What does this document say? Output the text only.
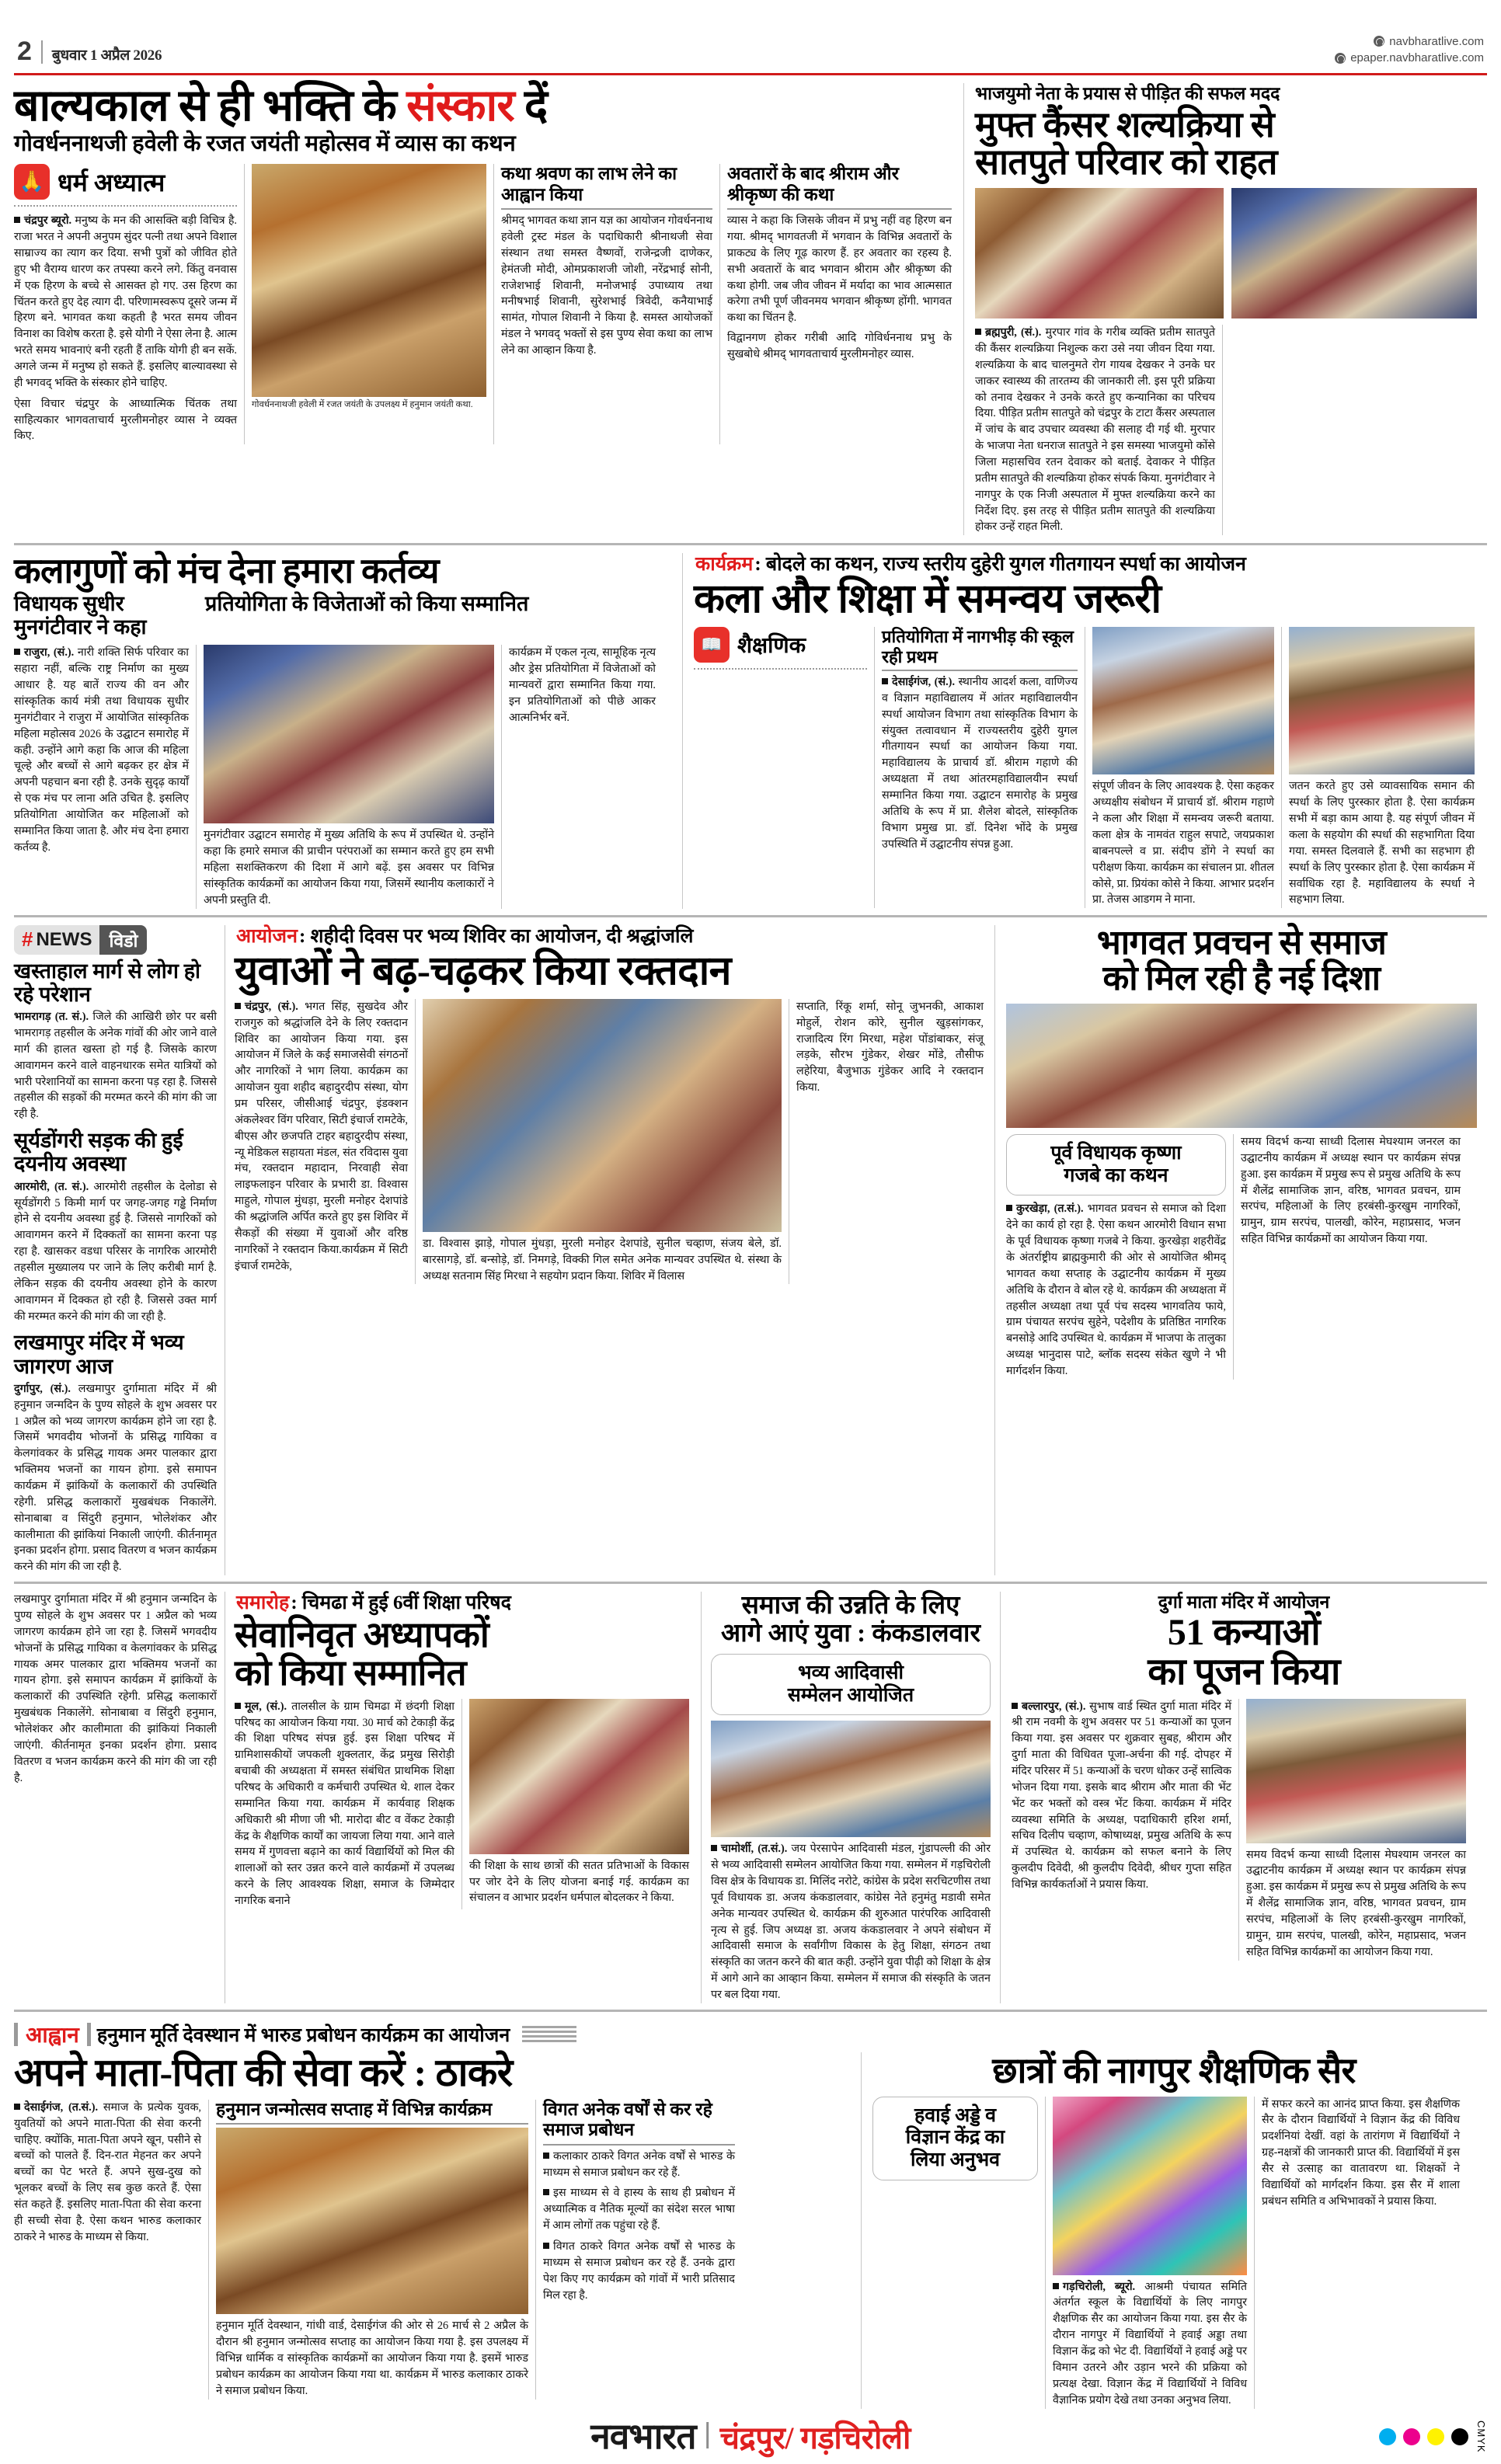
2 बुधवार 1 अप्रैल 2026
नवभारत चंद्रपुर/ गड़चिरोली
navbharatlive.com
epaper.navbharatlive.com
बाल्यकाल से ही भक्ति के संस्कार दें
गोवर्धननाथजी हवेली के रजत जयंती महोत्सव में व्यास का कथन
🙏 धर्म अध्यात्म
चंद्रपुर ब्यूरो. मनुष्य के मन की आसक्ति बड़ी विचित्र है. राजा भरत ने अपनी अनुपम सुंदर पत्नी तथा अपने विशाल साम्राज्य का त्याग कर दिया. सभी पुत्रों को जीवित होते हुए भी वैराग्य धारण कर तपस्या करने लगे. किंतु वनवास में एक हिरण के बच्चे से आसक्त हो गए. उस हिरण का चिंतन करते हुए देह त्याग दी. परिणामस्वरूप दूसरे जन्म में हिरण बने. भागवत कथा कहती है भरत समय जीवन विनाश का विशेष करता है. इसे योगी ने ऐसा लेना है. आत्म भरते समय भावनाएं बनी रहती हैं ताकि योगी ही बन सकें. अगले जन्म में मनुष्य हो सकते हैं. इसलिए बाल्यावस्था से ही भगवद् भक्ति के संस्कार होने चाहिए.
ऐसा विचार चंद्रपुर के आध्यात्मिक चिंतक तथा साहित्यकार भागवताचार्य मुरलीमनोहर व्यास ने व्यक्त किए.
गोवर्धननाथजी हवेली में रजत जयंती के उपलक्ष्य में हनुमान जयंती कथा.
कथा श्रवण का लाभ लेने का आह्वान किया
श्रीमद् भागवत कथा ज्ञान यज्ञ का आयोजन गोवर्धननाथ हवेली ट्रस्ट मंडल के पदाधिकारी श्रीनाथजी सेवा संस्थान तथा समस्त वैष्णवों, राजेन्द्रजी दाणेकर, हेमंतजी मोदी, ओमप्रकाशजी जोशी, नरेंद्रभाई सोनी, राजेशभाई शिवानी, मनोजभाई उपाध्याय तथा मनीषभाई शिवानी, सुरेशभाई त्रिवेदी, कनैयाभाई सामंत, गोपाल शिवानी ने किया है. समस्त आयोजकों मंडल ने भगवद् भक्तों से इस पुण्य सेवा कथा का लाभ लेने का आव्हान किया है.
अवतारों के बाद श्रीराम और श्रीकृष्ण की कथा
व्यास ने कहा कि जिसके जीवन में प्रभु नहीं वह हिरण बन गया. श्रीमद् भागवतजी में भगवान के विभिन्न अवतारों के प्राकट्य के लिए गूढ़ कारण हैं. हर अवतार का रहस्य है. सभी अवतारों के बाद भगवान श्रीराम और श्रीकृष्ण की कथा होगी. जब जीव जीवन में मर्यादा का भाव आत्मसात करेगा तभी पूर्ण जीवनमय भगवान श्रीकृष्ण होंगी. भागवत कथा का चिंतन है.
विद्वानगण होकर गरीबी आदि गोविर्धननाथ प्रभु के सुखबोधे श्रीमद् भागवताचार्य मुरलीमनोहर व्यास.
भाजयुमो नेता के प्रयास से पीड़ित की सफल मदद
मुफ्त कैंसर शल्यक्रिया से
सातपुते परिवार को राहत
ब्रह्मपुरी, (सं.). मुरपार गांव के गरीब व्यक्ति प्रतीम सातपुते की कैंसर शल्यक्रिया निशुल्क करा उसे नया जीवन दिया गया. शल्यक्रिया के बाद चालनुमते रोग गायब देखकर ने उनके घर जाकर स्वास्थ्य की तारतम्य की जानकारी ली. इस पूरी प्रक्रिया को तनाव देखकर ने उनके करते हुए कन्यानिका का परिचय दिया. पीड़ित प्रतीम सातपुते को चंद्रपुर के टाटा कैंसर अस्पताल में जांच के बाद उपचार व्यवस्था की सलाह दी गई थी. मुरपार के भाजपा नेता धनराज सातपुते ने इस समस्या भाजयुमो कोंसे जिला महासचिव रतन देवाकर को बताई. देवाकर ने पीड़ित प्रतीम सातपुते की शल्यक्रिया होकर संपर्क किया. मुनगंटीवार ने नागपुर के एक निजी अस्पताल में मुफ्त शल्यक्रिया करने का निर्देश दिए. इस तरह से पीड़ित प्रतीम सातपुते की शल्यक्रिया होकर उन्हें राहत मिली.
कलागुणों को मंच देना हमारा कर्तव्य
विधायक सुधीर मुनगंटीवार ने कहा
प्रतियोगिता के विजेताओं को किया सम्मानित
राजुरा, (सं.). नारी शक्ति सिर्फ परिवार का सहारा नहीं, बल्कि राष्ट्र निर्माण का मुख्य आधार है. यह बातें राज्य की वन और सांस्कृतिक कार्य मंत्री तथा विधायक सुधीर मुनगंटीवार ने राजुरा में आयोजित सांस्कृतिक महिला महोत्सव 2026 के उद्घाटन समारोह में कही. उन्होंने आगे कहा कि आज की महिला चूल्हे और बच्चों से आगे बढ़कर हर क्षेत्र में अपनी पहचान बना रही है. उनके सुदृढ़ कार्यों से एक मंच पर लाना अति उचित है. इसलिए प्रतियोगिता आयोजित कर महिलाओं को सम्मानित किया जाता है. और मंच देना हमारा कर्तव्य है.
मुनगंटीवार उद्घाटन समारोह में मुख्य अतिथि के रूप में उपस्थित थे. उन्होंने कहा कि हमारे समाज की प्राचीन परंपराओं का सम्मान करते हुए हम सभी महिला सशक्तिकरण की दिशा में आगे बढ़ें. इस अवसर पर विभिन्न सांस्कृतिक कार्यक्रमों का आयोजन किया गया, जिसमें स्थानीय कलाकारों ने अपनी प्रस्तुति दी.
कार्यक्रम में एकल नृत्य, सामूहिक नृत्य और ड्रेस प्रतियोगिता में विजेताओं को मान्यवरों द्वारा सम्मानित किया गया. इन प्रतियोगिताओं को पीछे आकर आत्मनिर्भर बनें.
कार्यक्रम: बोदले का कथन, राज्य स्तरीय दुहेरी युगल गीतगायन स्पर्धा का आयोजन
कला और शिक्षा में समन्वय जरूरी
📖 शैक्षणिक	प्रतियोगिता में नागभीड़ की स्कूल रही प्रथम
देसाईगंज, (सं.). स्थानीय आदर्श कला, वाणिज्य व विज्ञान महाविद्यालय में आंतर महाविद्यालयीन स्पर्धा आयोजन विभाग तथा सांस्कृतिक विभाग के संयुक्त तत्वावधान में राज्यस्तरीय दुहेरी युगल गीतगायन स्पर्धा का आयोजन किया गया. महाविद्यालय के प्राचार्य डॉ. श्रीराम गहाणे की अध्यक्षता में तथा आंतरमहाविद्यालयीन स्पर्धा सम्मानित किया गया. उद्घाटन समारोह के प्रमुख अतिथि के रूप में प्रा. शैलेश बोदले, सांस्कृतिक विभाग प्रमुख प्रा. डॉ. दिनेश भोंदे के प्रमुख उपस्थिति में उद्घाटनीय संपन्न हुआ.
संपूर्ण जीवन के लिए आवश्यक है. ऐसा कहकर अध्यक्षीय संबोधन में प्राचार्य डॉ. श्रीराम गहाणे ने कला और शिक्षा में समन्वय जरूरी बताया. कला क्षेत्र के नामवंत राहुल सपाटे, जयप्रकाश बाबनपल्ले व प्रा. संदीप डोंगे ने स्पर्धा का परीक्षण किया. कार्यक्रम का संचालन प्रा. शीतल कोसे, प्रा. प्रियंका कोसे ने किया. आभार प्रदर्शन प्रा. तेजस आडगम ने माना.
जतन करते हुए उसे व्यावसायिक समान की स्पर्धा के लिए पुरस्कार होता है. ऐसा कार्यक्रम सभी में बड़ा काम आया है. यह संपूर्ण जीवन में कला के सहयोग की स्पर्धा की सहभागिता दिया गया. समस्त दिलवाले हैं. सभी का सहभाग ही स्पर्धा के लिए पुरस्कार होता है. ऐसा कार्यक्रम में सर्वाधिक रहा है. महाविद्यालय के स्पर्धा ने सहभाग लिया.
# NEWS विडो
खस्ताहाल मार्ग से लोग हो रहे परेशान
भामरागड़ (त. सं.). जिले की आखिरी छोर पर बसी भामरागड़ तहसील के अनेक गांवों की ओर जाने वाले मार्ग की हालत खस्ता हो गई है. जिसके कारण आवागमन करने वाले वाहनधारक समेत यात्रियों को भारी परेशानियों का सामना करना पड़ रहा है. जिससे तहसील की सड़कों की मरम्मत करने की मांग की जा रही है.
सूर्यडोंगरी सड़क की हुई दयनीय अवस्था
आरमोरी, (त. सं.). आरमोरी तहसील के देलोडा से सूर्यडोंगरी 5 किमी मार्ग पर जगह-जगह गड्ढे निर्माण होने से दयनीय अवस्था हुई है. जिससे नागरिकों को आवागमन करने में दिक्कतों का सामना करना पड़ रहा है. खासकर वडधा परिसर के नागरिक आरमोरी तहसील मुख्यालय पर जाने के लिए करीबी मार्ग है. लेकिन सड़क की दयनीय अवस्था होने के कारण आवागमन में दिक्कत हो रही है. जिससे उक्त मार्ग की मरम्मत करने की मांग की जा रही है.
लखमापुर मंदिर में भव्य जागरण आज
दुर्गापुर, (सं.). लखमापुर दुर्गामाता मंदिर में श्री हनुमान जन्मदिन के पुण्य सोहले के शुभ अवसर पर 1 अप्रैल को भव्य जागरण कार्यक्रम होने जा रहा है. जिसमें भगवदीय भोजनों के प्रसिद्ध गायिका व केलगांवकर के प्रसिद्ध गायक अमर पालकार द्वारा भक्तिमय भजनों का गायन होगा. इसे समापन कार्यक्रम में झांकियों के कलाकारों की उपस्थिति रहेगी. प्रसिद्ध कलाकारों मुखबंधक निकालेंगे. सोनाबाबा व सिंदुरी हनुमान, भोलेशंकर और कालीमाता की झांकियां निकाली जाएंगी. कीर्तनामृत इनका प्रदर्शन होगा. प्रसाद वितरण व भजन कार्यक्रम करने की मांग की जा रही है.
आयोजन: शहीदी दिवस पर भव्य शिविर का आयोजन, दी श्रद्धांजलि
युवाओं ने बढ़-चढ़कर किया रक्तदान
चंद्रपुर, (सं.). भगत सिंह, सुखदेव और राजगुरु को श्रद्धांजलि देने के लिए रक्तदान शिविर का आयोजन किया गया. इस आयोजन में जिले के कई समाजसेवी संगठनों और नागरिकों ने भाग लिया. कार्यक्रम का आयोजन युवा शहीद बहादुरदीप संस्था, योग प्रम परिसर, जीसीआई चंद्रपुर, इंडक्शन अंकलेश्वर विंग परिवार, सिटी इंचार्ज रामटेके, बीएस और छजपति टाहर बहादुरदीप संस्था, न्यू मेडिकल सहायता मंडल, संत रविदास युवा मंच, रक्तदान महादान, निरवाही सेवा लाइफलाइन परिवार के प्रभारी डा. विश्वास माहुले, गोपाल मुंधड़ा, मुरली मनोहर देशपांडे की श्रद्धांजलि अर्पित करते हुए इस शिविर में सैकड़ों की संख्या में युवाओं और वरिष्ठ नागरिकों ने रक्तदान किया.कार्यक्रम में सिटी इंचार्ज रामटेके,
डा. विश्वास झाड़े, गोपाल मुंधड़ा, मुरली मनोहर देशपांडे, सुनील चव्हाण, संजय बेले, डॉ. बारसागड़े, डॉ. बन्सोड़े, डॉ. निमगड़े, विक्की गिल समेत अनेक मान्यवर उपस्थित थे. संस्था के अध्यक्ष सतनाम सिंह मिरधा ने सहयोग प्रदान किया. शिविर में विलास
सप्ताति, रिंकू शर्मा, सोनू जुभनकी, आकाश मोहुर्ले, रोशन कोरे, सुनील खुड़सांगकर, राजादित्य रिंग मिरधा, महेश पोंडांबाकर, संजू लड़के, सौरभ गुंडेकर, शेखर मोंडे, तौसीफ लहेरिया, बैजुभाऊ गुंडेकर आदि ने रक्तदान किया.
भागवत प्रवचन से समाज
को मिल रही है नई दिशा
पूर्व विधायक कृष्णा
गजबे का कथन
कुरखेड़ा, (त.सं.). भागवत प्रवचन से समाज को दिशा देने का कार्य हो रहा है. ऐसा कथन आरमोरी विधान सभा के पूर्व विधायक कृष्णा गजबे ने किया. कुरखेड़ा शहरीवेंद्र के अंतर्राष्ट्रीय ब्राह्मकुमारी की ओर से आयोजित श्रीमद् भागवत कथा सप्ताह के उद्घाटनीय कार्यक्रम में मुख्य अतिथि के दौरान वे बोल रहे थे. कार्यक्रम की अध्यक्षता में तहसील अध्यक्षा तथा पूर्व पंच सदस्य भागवतिय फाये, ग्राम पंचायत सरपंच सुहेने, पदेशीय के प्रतिष्ठित नागरिक बनसोड़े आदि उपस्थित थे. कार्यक्रम में भाजपा के तालुका अध्यक्ष भानुदास पाटे, ब्लॉक सदस्य संकेत खुणे ने भी मार्गदर्शन किया.
समय विदर्भ कन्या साध्वी दिलास मेघश्याम जनरल का उद्घाटनीय कार्यक्रम में अध्यक्ष स्थान पर कार्यक्रम संपन्न हुआ. इस कार्यक्रम में प्रमुख रूप से प्रमुख अतिथि के रूप में शैलेंद्र सामाजिक ज्ञान, वरिष्ठ, भागवत प्रवचन, ग्राम सरपंच, महिलाओं के लिए हरबंसी-कुरखुम नागरिकों, ग्रामुन, ग्राम सरपंच, पालखी, कोरेन, महाप्रसाद, भजन सहित विभिन्न कार्यक्रमों का आयोजन किया गया.
लखमापुर दुर्गामाता मंदिर में श्री हनुमान जन्मदिन के पुण्य सोहले के शुभ अवसर पर 1 अप्रैल को भव्य जागरण कार्यक्रम होने जा रहा है. जिसमें भगवदीय भोजनों के प्रसिद्ध गायिका व केलगांवकर के प्रसिद्ध गायक अमर पालकार द्वारा भक्तिमय भजनों का गायन होगा. इसे समापन कार्यक्रम में झांकियों के कलाकारों की उपस्थिति रहेगी. प्रसिद्ध कलाकारों मुखबंधक निकालेंगे. सोनाबाबा व सिंदुरी हनुमान, भोलेशंकर और कालीमाता की झांकियां निकाली जाएंगी. कीर्तनामृत इनका प्रदर्शन होगा. प्रसाद वितरण व भजन कार्यक्रम करने की मांग की जा रही है.
समारोह: चिमढा में हुई 6वीं शिक्षा परिषद
सेवानिवृत अध्यापकों
को किया सम्मानित
मूल, (सं.). तालसील के ग्राम चिमढा में छंदगी शिक्षा परिषद का आयोजन किया गया. 30 मार्च को टेकाड़ी केंद्र की शिक्षा परिषद संपन्न हुई. इस शिक्षा परिषद में ग्रामिशासकीयों जपकली शुक्लतार, केंद्र प्रमुख सिरोड़ी बचाबी की अध्यक्षता में समस्त संबंधित प्राथमिक शिक्षा परिषद के अधिकारी व कर्मचारी उपस्थित थे. शाल देकर सम्मानित किया गया. कार्यक्रम में कार्यवाह शिक्षक अधिकारी श्री मीणा जी भी. मारोदा बीट व वेंकट टेकाड़ी केंद्र के शैक्षणिक कार्यों का जायजा लिया गया. आने वाले समय में गुणवत्ता बढ़ाने का कार्य विद्यार्थियों को मिल की शालाओं को स्तर उन्नत करने वाले कार्यक्रमों में उपलब्ध करने के लिए आवश्यक शिक्षा, समाज के जिम्मेदार नागरिक बनाने
की शिक्षा के साथ छात्रों की सतत प्रतिभाओं के विकास पर जोर देने के लिए योजना बनाई गई. कार्यक्रम का संचालन व आभार प्रदर्शन धर्मपाल बोदलकर ने किया.
समाज की उन्नति के लिए
आगे आएं युवा : कंकडालवार
भव्य आदिवासी
सम्मेलन आयोजित
चामोर्शी, (त.सं.). जय पेरसापेन आदिवासी मंडल, गुंडापल्ली की ओर से भव्य आदिवासी सम्मेलन आयोजित किया गया. सम्मेलन में गड़चिरोली विस क्षेत्र के विधायक डा. मिलिंद नरोटे, कांग्रेस के प्रदेश सरचिटणीस तथा पूर्व विधायक डा. अजय कंकडालवार, कांग्रेस नेते हनुमंतु मडावी समेत अनेक मान्यवर उपस्थित थे. कार्यक्रम की शुरुआत पारंपरिक आदिवासी नृत्य से हुई. जिप अध्यक्ष डा. अजय कंकडालवार ने अपने संबोधन में आदिवासी समाज के सर्वांगीण विकास के हेतु शिक्षा, संगठन तथा संस्कृति का जतन करने की बात कही. उन्होंने युवा पीढ़ी को शिक्षा के क्षेत्र में आगे आने का आव्हान किया. सम्मेलन में समाज की संस्कृति के जतन पर बल दिया गया.
दुर्गा माता मंदिर में आयोजन
51 कन्याओं
का पूजन किया
बल्लारपुर, (सं.). सुभाष वार्ड स्थित दुर्गा माता मंदिर में श्री राम नवमी के शुभ अवसर पर 51 कन्याओं का पूजन किया गया. इस अवसर पर शुक्रवार सुबह, श्रीराम और दुर्गा माता की विधिवत पूजा-अर्चना की गई. दोपहर में मंदिर परिसर में 51 कन्याओं के चरण धोकर उन्हें सात्विक भोजन दिया गया. इसके बाद श्रीराम और माता की भेंट भेंट कर भक्तों को वस्त्र भेंट किया. कार्यक्रम में मंदिर व्यवस्था समिति के अध्यक्ष, पदाधिकारी हरिश शर्मा, सचिव दिलीप चव्हाण, कोषाध्यक्ष, प्रमुख अतिथि के रूप में उपस्थित थे. कार्यक्रम को सफल बनाने के लिए कुलदीप दिवेदी, श्री कुलदीप दिवेदी, श्रीधर गुप्ता सहित विभिन्न कार्यकर्ताओं ने प्रयास किया.
समय विदर्भ कन्या साध्वी दिलास मेघश्याम जनरल का उद्घाटनीय कार्यक्रम में अध्यक्ष स्थान पर कार्यक्रम संपन्न हुआ. इस कार्यक्रम में प्रमुख रूप से प्रमुख अतिथि के रूप में शैलेंद्र सामाजिक ज्ञान, वरिष्ठ, भागवत प्रवचन, ग्राम सरपंच, महिलाओं के लिए हरबंसी-कुरखुम नागरिकों, ग्रामुन, ग्राम सरपंच, पालखी, कोरेन, महाप्रसाद, भजन सहित विभिन्न कार्यक्रमों का आयोजन किया गया.
आह्वान हनुमान मूर्ति देवस्थान में भारुड प्रबोधन कार्यक्रम का आयोजन
अपने माता-पिता की सेवा करें : ठाकरे
देसाईगंज, (त.सं.). समाज के प्रत्येक युवक, युवतियों को अपने माता-पिता की सेवा करनी चाहिए. क्योंकि, माता-पिता अपने खून, पसीने से बच्चों को पालते हैं. दिन-रात मेहनत कर अपने बच्चों का पेट भरते हैं. अपने सुख-दुख को भूलकर बच्चों के लिए सब कुछ करते हैं. ऐसा संत कहते हैं. इसलिए माता-पिता की सेवा करना ही सच्ची सेवा है. ऐसा कथन भारुड कलाकार ठाकरे ने भारुड के माध्यम से किया.
हनुमान जन्मोत्सव सप्ताह में विभिन्न कार्यक्रम
हनुमान मूर्ति देवस्थान, गांधी वार्ड, देसाईगंज की ओर से 26 मार्च से 2 अप्रैल के दौरान श्री हनुमान जन्मोत्सव सप्ताह का आयोजन किया गया है. इस उपलक्ष्य में विभिन्न धार्मिक व सांस्कृतिक कार्यक्रमों का आयोजन किया गया है. इसमें भारुड प्रबोधन कार्यक्रम का आयोजन किया गया था. कार्यक्रम में भारुड कलाकार ठाकरे ने समाज प्रबोधन किया.
विगत अनेक वर्षों से कर रहे समाज प्रबोधन
कलाकार ठाकरे विगत अनेक वर्षों से भारुड के माध्यम से समाज प्रबोधन कर रहे हैं.
इस माध्यम से वे हास्य के साथ ही प्रबोधन में अध्यात्मिक व नैतिक मूल्यों का संदेश सरल भाषा में आम लोगों तक पहुंचा रहे हैं.
विगत ठाकरे विगत अनेक वर्षों से भारुड के माध्यम से समाज प्रबोधन कर रहे हैं. उनके द्वारा पेश किए गए कार्यक्रम को गांवों में भारी प्रतिसाद मिल रहा है.
छात्रों की नागपुर शैक्षणिक सैर
हवाई अड्डे व
विज्ञान केंद्र का
लिया अनुभव
गड़चिरोली, ब्यूरो. आश्रमी पंचायत समिति अंतर्गत स्कूल के विद्यार्थियों के लिए नागपुर शैक्षणिक सैर का आयोजन किया गया. इस सैर के दौरान नागपुर में विद्यार्थियों ने हवाई अड्डा तथा विज्ञान केंद्र को भेट दी. विद्यार्थियों ने हवाई अड्डे पर विमान उतरने और उड़ान भरने की प्रक्रिया को प्रत्यक्ष देखा. विज्ञान केंद्र में विद्यार्थियों ने विविध वैज्ञानिक प्रयोग देखे तथा उनका अनुभव लिया.
में सफर करने का आनंद प्राप्त किया. इस शैक्षणिक सैर के दौरान विद्यार्थियों ने विज्ञान केंद्र की विविध प्रदर्शनियां देखीं. वहां के तारांगण में विद्यार्थियों ने ग्रह-नक्षत्रों की जानकारी प्राप्त की. विद्यार्थियों में इस सैर से उत्साह का वातावरण था. शिक्षकों ने विद्यार्थियों को मार्गदर्शन किया. इस सैर में शाला प्रबंधन समिति व अभिभावकों ने प्रयास किया.
CMYK
